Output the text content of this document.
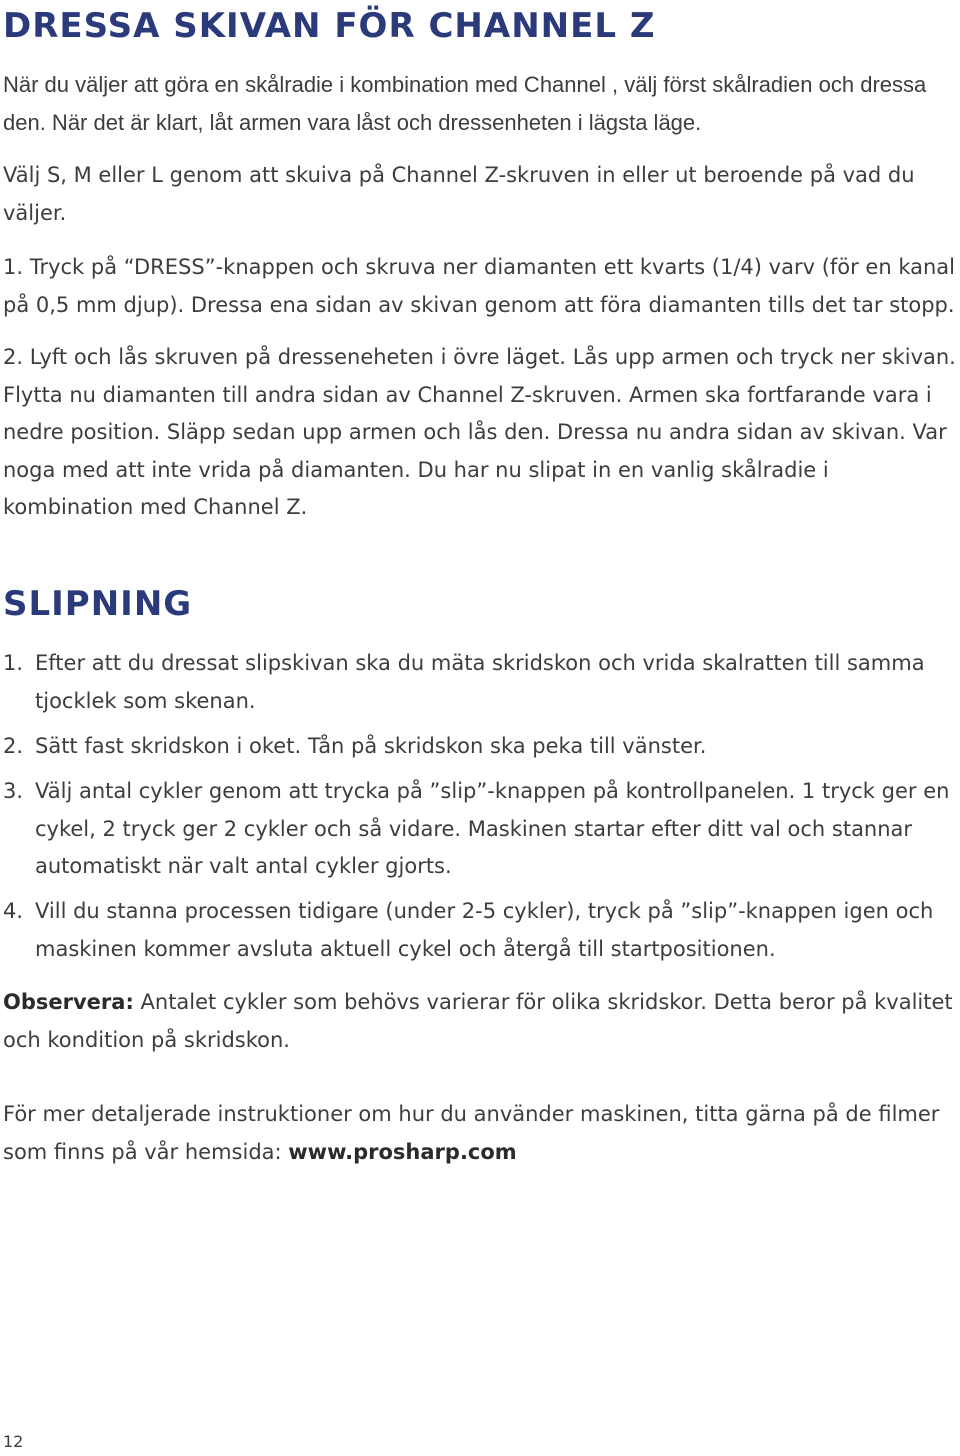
DRESSA SKIVAN FÖR CHANNEL Z

När du väljer att göra en skålradie i kombination med Channel , välj först skålradien och dressa den. När det är klart, låt armen vara låst och dressenheten i lägsta läge.

Välj S, M eller L genom att skuiva på Channel Z-skruven in eller ut beroende på vad du väljer.

1. Tryck på “DRESS”-knappen och skruva ner diamanten ett kvarts (1/4) varv (för en kanal på 0,5 mm djup). Dressa ena sidan av skivan genom att föra diamanten tills det tar stopp.

2. Lyft och lås skruven på dresseneheten i övre läget. Lås upp armen och tryck ner skivan. Flytta nu diamanten till andra sidan av Channel Z-skruven. Armen ska fortfarande vara i nedre position. Släpp sedan upp armen och lås den. Dressa nu andra sidan av skivan. Var noga med att inte vrida på diamanten. Du har nu slipat in en vanlig skålradie i kombination med Channel Z.

SLIPNING
1. Efter att du dressat slipskivan ska du mäta skridskon och vrida skalratten till samma tjocklek som skenan.
2. Sätt fast skridskon i oket. Tån på skridskon ska peka till vänster.
3. Välj antal cykler genom att trycka på ”slip”-knappen på kontrollpanelen. 1 tryck ger en cykel, 2 tryck ger 2 cykler och så vidare. Maskinen startar efter ditt val och stannar automatiskt när valt antal cykler gjorts.
4. Vill du stanna processen tidigare (under 2-5 cykler), tryck på ”slip”-knappen igen och maskinen kommer avsluta aktuell cykel och återgå till startpositionen.

Observera: Antalet cykler som behövs varierar för olika skridskor. Detta beror på kvalitet och kondition på skridskon.

För mer detaljerade instruktioner om hur du använder maskinen, titta gärna på de filmer som finns på vår hemsida: www.prosharp.com

12
